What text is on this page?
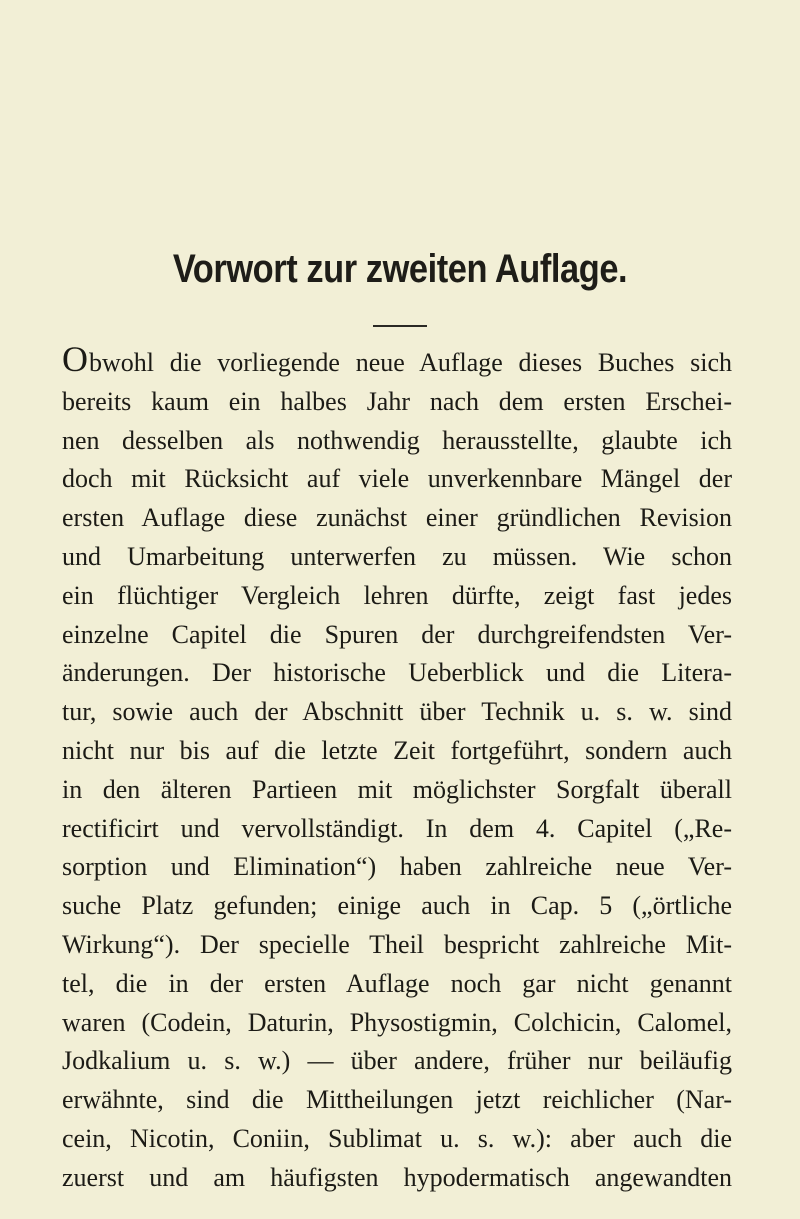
Vorwort zur zweiten Auflage.
Obwohl die vorliegende neue Auflage dieses Buches sich
bereits kaum ein halbes Jahr nach dem ersten Erschei-
nen desselben als nothwendig herausstellte, glaubte ich
doch mit Rücksicht auf viele unverkennbare Mängel der
ersten Auflage diese zunächst einer gründlichen Revision
und Umarbeitung unterwerfen zu müssen. Wie schon
ein flüchtiger Vergleich lehren dürfte, zeigt fast jedes
einzelne Capitel die Spuren der durchgreifendsten Ver-
änderungen. Der historische Ueberblick und die Litera-
tur, sowie auch der Abschnitt über Technik u. s. w. sind
nicht nur bis auf die letzte Zeit fortgeführt, sondern auch
in den älteren Partieen mit möglichster Sorgfalt überall
rectificirt und vervollständigt. In dem 4. Capitel („Re-
sorption und Elimination“) haben zahlreiche neue Ver-
suche Platz gefunden; einige auch in Cap. 5 („örtliche
Wirkung“). Der specielle Theil bespricht zahlreiche Mit-
tel, die in der ersten Auflage noch gar nicht genannt
waren (Codein, Daturin, Physostigmin, Colchicin, Calomel,
Jodkalium u. s. w.) — über andere, früher nur beiläufig
erwähnte, sind die Mittheilungen jetzt reichlicher (Nar-
cein, Nicotin, Coniin, Sublimat u. s. w.): aber auch die
zuerst und am häufigsten hypodermatisch angewandten
